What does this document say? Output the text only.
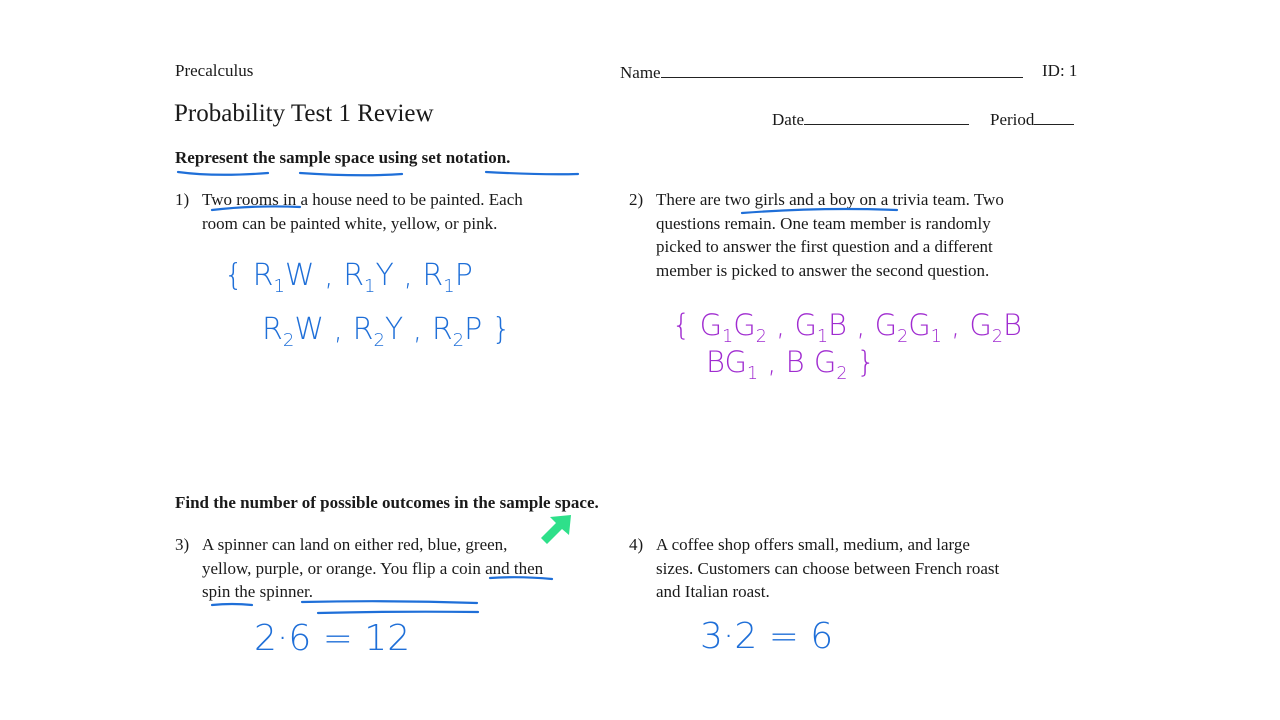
Precalculus
Probability Test 1 Review
Name	ID: 1
Date	Period
Represent the sample space using set notation.
1) Two rooms in a house need to be painted. Each room can be painted white, yellow, or pink.
2) There are two girls and a boy on a trivia team. Two questions remain. One team member is randomly picked to answer the first question and a different member is picked to answer the second question.
{ $R_1W$ , $R_1Y$ , $R_1P$
$R_2W$ , $R_2Y$ , $R_2P$ }	{ $G_1G_2$ , $G_1B$ , $G_2G_1$ , $G_2B$
$BG_1$ , B $G_2$ }
Find the number of possible outcomes in the sample space.
3) A spinner can land on either red, blue, green, yellow, purple, or orange. You flip a coin and then spin the spinner.
4) A coffee shop offers small, medium, and large sizes. Customers can choose between French roast and Italian roast.
2·6 = 12	3·2 = 6
